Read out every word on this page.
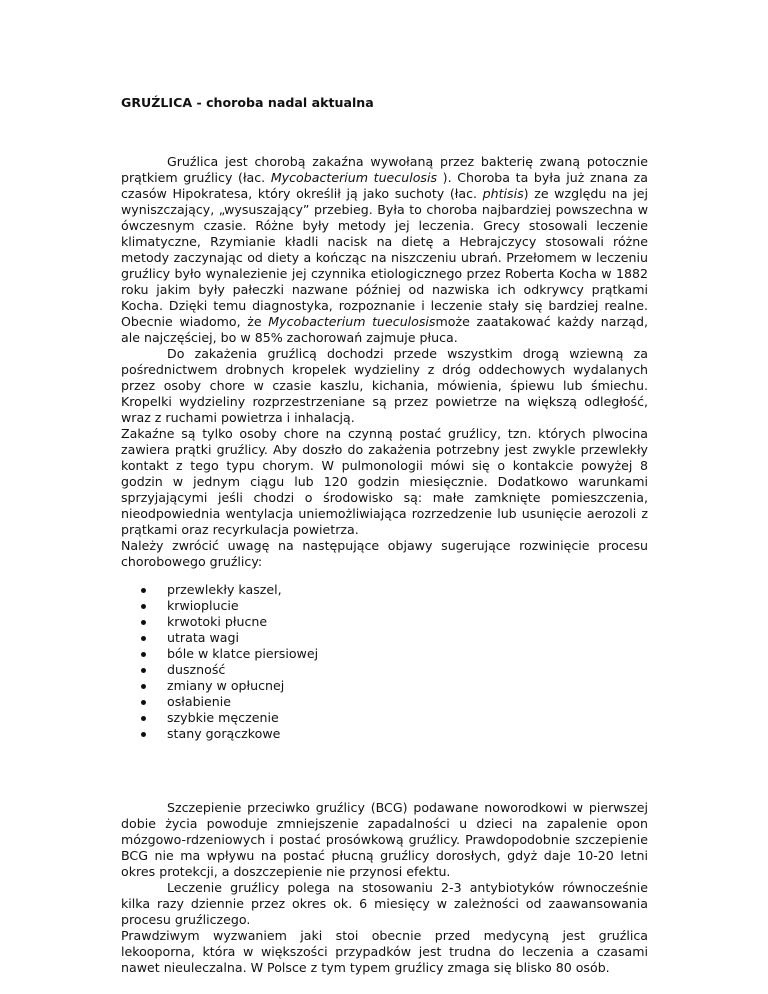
GRUŹLICA - choroba nadal aktualna

Gruźlica jest chorobą zakaźna wywołaną przez bakterię zwaną potocznie prątkiem gruźlicy (łac. Mycobacterium tueculosis ). Choroba ta była już znana za czasów Hipokratesa, który określił ją jako suchoty (łac. phtisis) ze względu na jej wyniszczający, „wysuszający” przebieg. Była to choroba najbardziej powszechna w ówczesnym czasie. Różne były metody jej leczenia. Grecy stosowali leczenie klimatyczne, Rzymianie kładli nacisk na dietę a Hebrajczycy stosowali różne metody zaczynając od diety a kończąc na niszczeniu ubrań. Przełomem w leczeniu gruźlicy było wynalezienie jej czynnika etiologicznego przez Roberta Kocha w 1882 roku jakim były pałeczki nazwane później od nazwiska ich odkrywcy prątkami Kocha. Dzięki temu diagnostyka, rozpoznanie i leczenie stały się bardziej realne. Obecnie wiadomo, że Mycobacterium tueculosismoże zaatakować każdy narząd, ale najczęściej, bo w 85% zachorowań zajmuje płuca.

Do zakażenia gruźlicą dochodzi przede wszystkim drogą wziewną za pośrednictwem drobnych kropelek wydzieliny z dróg oddechowych wydalanych przez osoby chore w czasie kaszlu, kichania, mówienia, śpiewu lub śmiechu. Kropelki wydzieliny rozprzestrzeniane są przez powietrze na większą odległość, wraz z ruchami powietrza i inhalacją.

Zakaźne są tylko osoby chore na czynną postać gruźlicy, tzn. których plwocina zawiera prątki gruźlicy. Aby doszło do zakażenia potrzebny jest zwykle przewlekły kontakt z tego typu chorym. W pulmonologii mówi się o kontakcie powyżej 8 godzin w jednym ciągu lub 120 godzin miesięcznie. Dodatkowo warunkami sprzyjającymi jeśli chodzi o środowisko są: małe zamknięte pomieszczenia, nieodpowiednia wentylacja uniemożliwiająca rozrzedzenie lub usunięcie aerozoli z prątkami oraz recyrkulacja powietrza.

Należy zwrócić uwagę na następujące objawy sugerujące rozwinięcie procesu chorobowego gruźlicy:

przewlekły kaszel,
krwioplucie
krwotoki płucne
utrata wagi
bóle w klatce piersiowej
duszność
zmiany w opłucnej
osłabienie
szybkie męczenie
stany gorączkowe

Szczepienie przeciwko gruźlicy (BCG) podawane noworodkowi w pierwszej dobie życia powoduje zmniejszenie zapadalności u dzieci na zapalenie opon mózgowo-rdzeniowych i postać prosówkową gruźlicy. Prawdopodobnie szczepienie BCG nie ma wpływu na postać płucną gruźlicy dorosłych, gdyż daje 10-20 letni okres protekcji, a doszczepienie nie przynosi efektu.

Leczenie gruźlicy polega na stosowaniu 2-3 antybiotyków równocześnie kilka razy dziennie przez okres ok. 6 miesięcy w zależności od zaawansowania procesu gruźliczego.

Prawdziwym wyzwaniem jaki stoi obecnie przed medycyną jest gruźlica lekooporna, która w większości przypadków jest trudna do leczenia a czasami nawet nieuleczalna. W Polsce z tym typem gruźlicy zmaga się blisko 80 osób.
